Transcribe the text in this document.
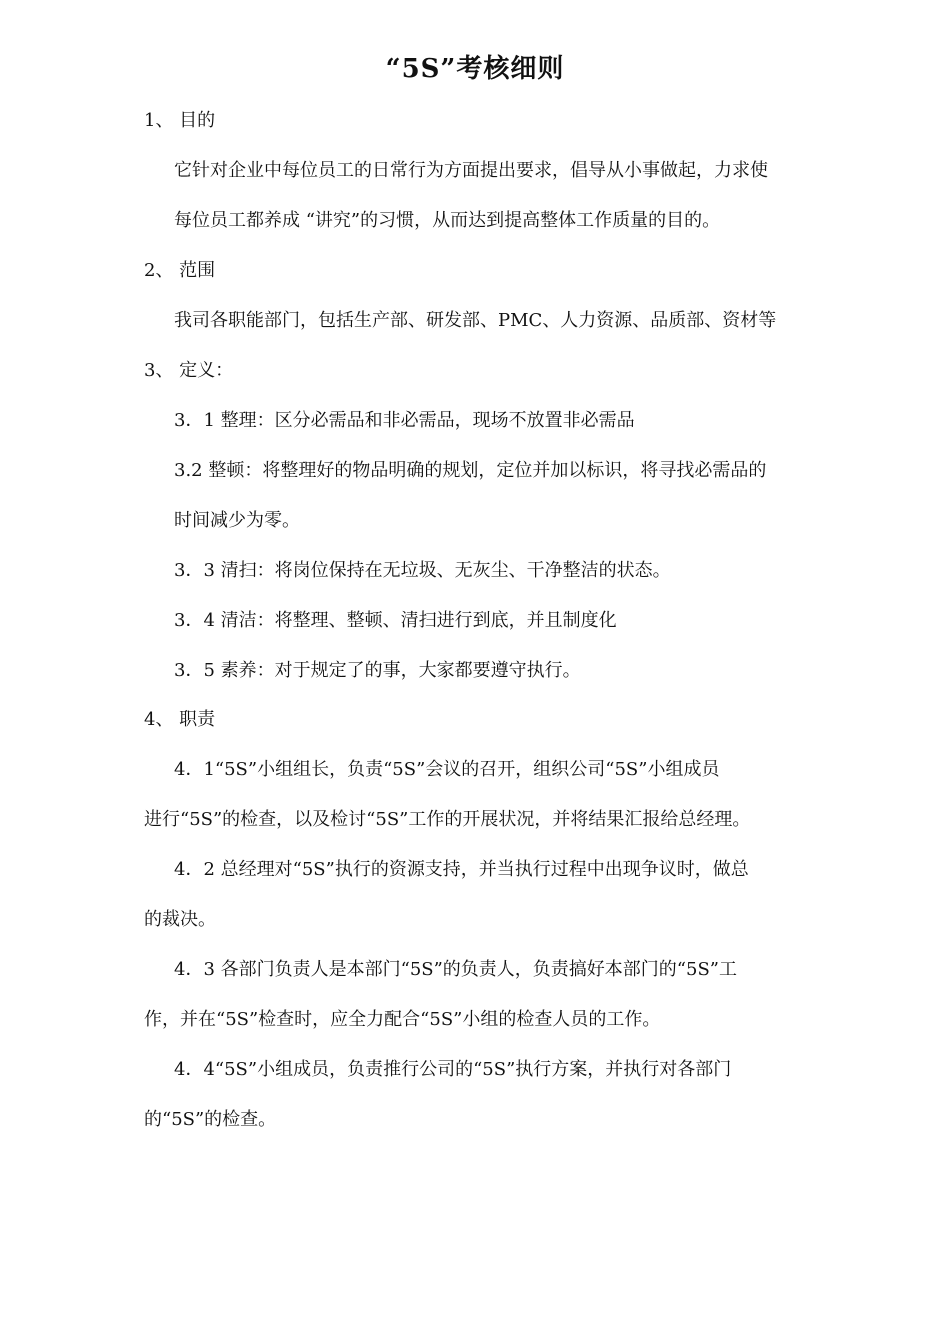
“5S”考核细则
1、 目的
它针对企业中每位员工的日常行为方面提出要求，倡导从小事做起，力求使
每位员工都养成 “讲究”的习惯，从而达到提高整体工作质量的目的。
2、 范围
我司各职能部门，包括生产部、研发部、PMC、人力资源、品质部、资材等
3、 定义：
3．1 整理：区分必需品和非必需品，现场不放置非必需品
3.2 整顿：将整理好的物品明确的规划，定位并加以标识，将寻找必需品的
时间减少为零。
3．3 清扫：将岗位保持在无垃圾、无灰尘、干净整洁的状态。
3．4 清洁：将整理、整顿、清扫进行到底，并且制度化
3．5 素养：对于规定了的事，大家都要遵守执行。
4、 职责
4．1“5S”小组组长，负责“5S”会议的召开，组织公司“5S”小组成员
进行“5S”的检查，以及检讨“5S”工作的开展状况，并将结果汇报给总经理。
4．2 总经理对“5S”执行的资源支持，并当执行过程中出现争议时，做总
的裁决。
4．3 各部门负责人是本部门“5S”的负责人，负责搞好本部门的“5S”工
作，并在“5S”检查时，应全力配合“5S”小组的检查人员的工作。
4．4“5S”小组成员，负责推行公司的“5S”执行方案，并执行对各部门
的“5S”的检查。
